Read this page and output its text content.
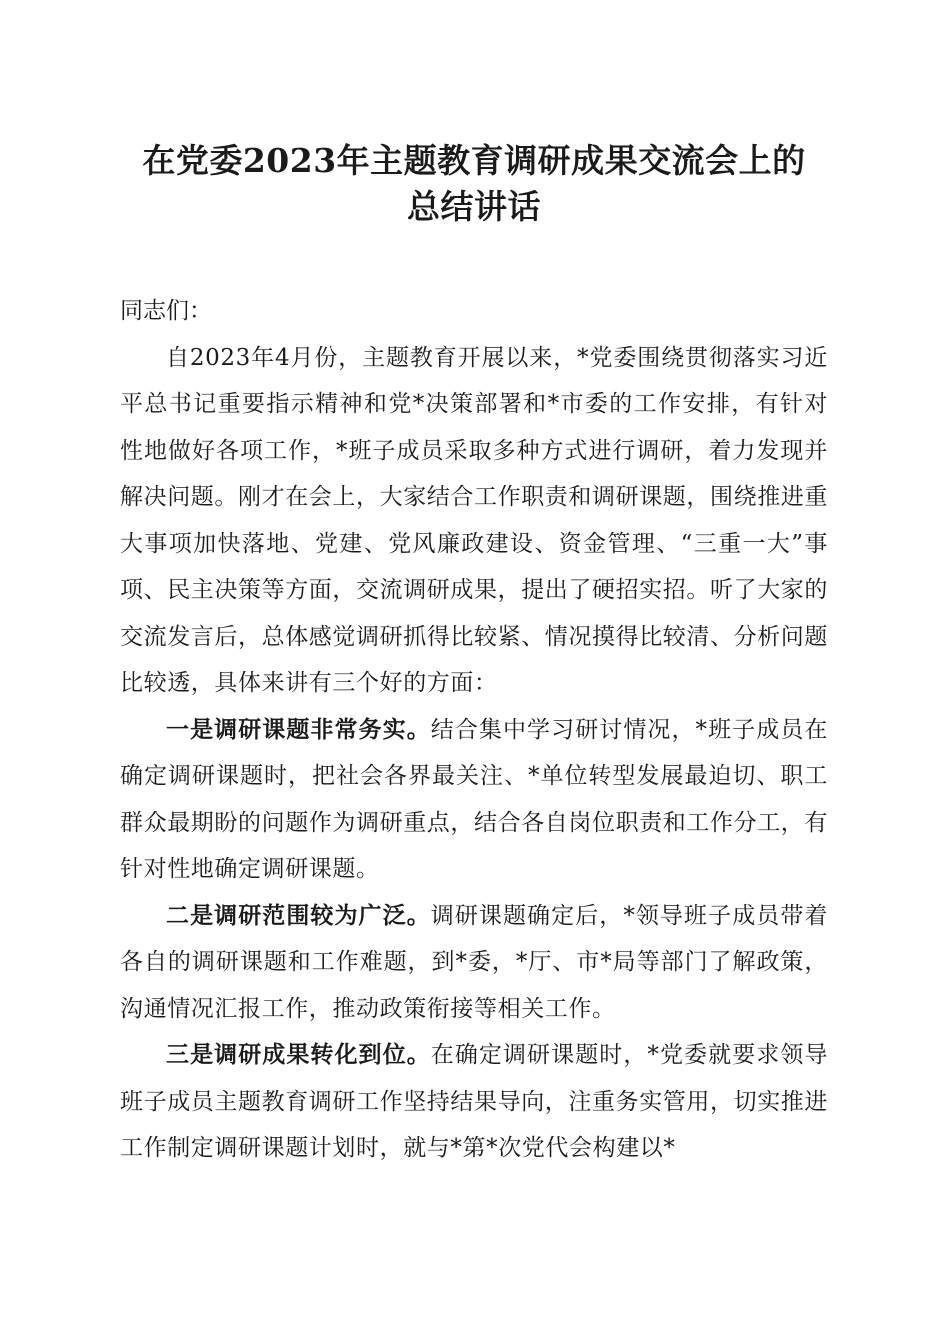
在党委2023年主题教育调研成果交流会上的
总结讲话

同志们：

自2023年4月份，主题教育开展以来，*党委围绕贯彻落实习近平总书记重要指示精神和党*决策部署和*市委的工作安排，有针对性地做好各项工作，*班子成员采取多种方式进行调研，着力发现并解决问题。刚才在会上，大家结合工作职责和调研课题，围绕推进重大事项加快落地、党建、党风廉政建设、资金管理、“三重一大”事项、民主决策等方面，交流调研成果，提出了硬招实招。听了大家的交流发言后，总体感觉调研抓得比较紧、情况摸得比较清、分析问题比较透，具体来讲有三个好的方面：

一是调研课题非常务实。结合集中学习研讨情况，*班子成员在确定调研课题时，把社会各界最关注、*单位转型发展最迫切、职工群众最期盼的问题作为调研重点，结合各自岗位职责和工作分工，有针对性地确定调研课题。

二是调研范围较为广泛。调研课题确定后，*领导班子成员带着各自的调研课题和工作难题，到*委，*厅、市*局等部门了解政策，沟通情况汇报工作，推动政策衔接等相关工作。

三是调研成果转化到位。在确定调研课题时，*党委就要求领导班子成员主题教育调研工作坚持结果导向，注重务实管用，切实推进工作制定调研课题计划时，就与*第*次党代会构建以*
